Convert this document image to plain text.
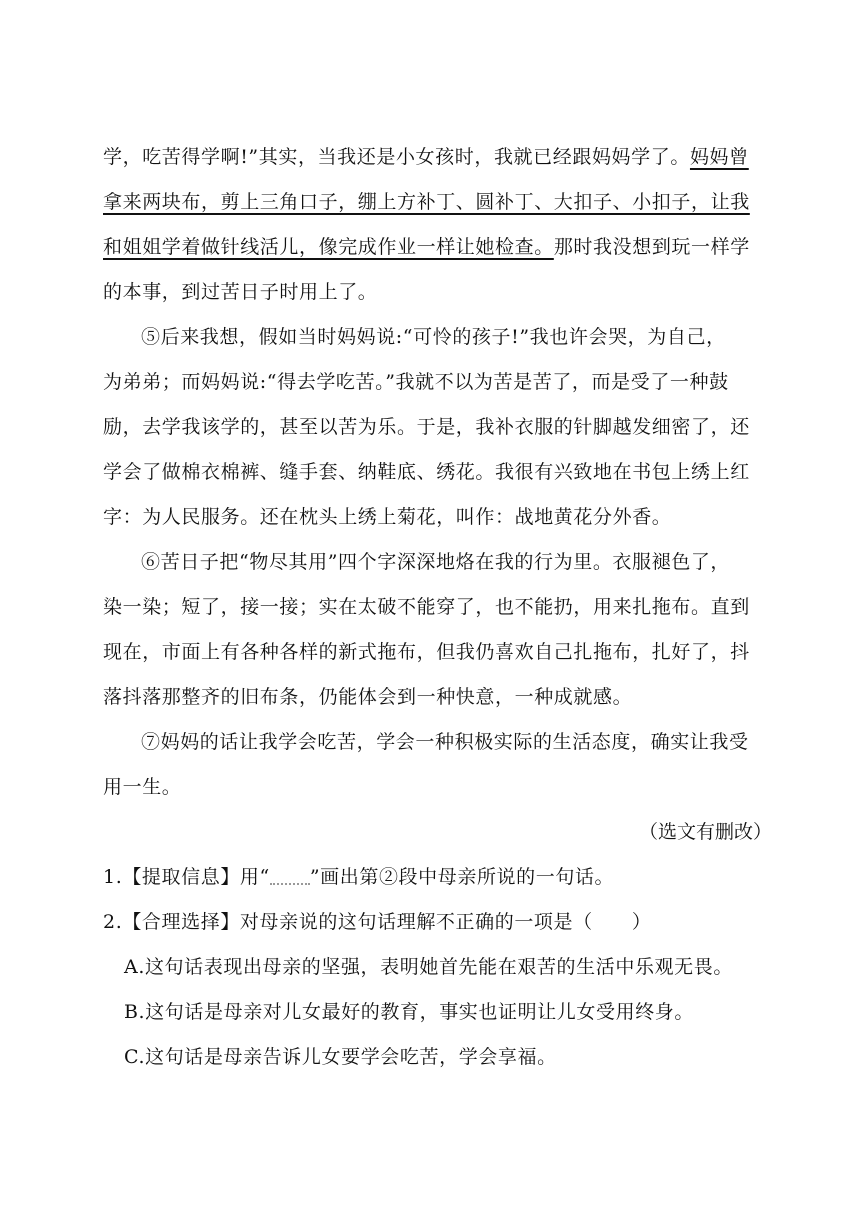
学，吃苦得学啊!”其实，当我还是小女孩时，我就已经跟妈妈学了。妈妈曾
拿来两块布，剪上三角口子，绷上方补丁、圆补丁、大扣子、小扣子，让我
和姐姐学着做针线活儿，像完成作业一样让她检查。那时我没想到玩一样学
的本事，到过苦日子时用上了。
⑤后来我想，假如当时妈妈说:“可怜的孩子!”我也许会哭，为自己，
为弟弟；而妈妈说:“得去学吃苦。”我就不以为苦是苦了，而是受了一种鼓
励，去学我该学的，甚至以苦为乐。于是，我补衣服的针脚越发细密了，还
学会了做棉衣棉裤、缝手套、纳鞋底、绣花。我很有兴致地在书包上绣上红
字：为人民服务。还在枕头上绣上菊花，叫作：战地黄花分外香。
⑥苦日子把“物尽其用”四个字深深地烙在我的行为里。衣服褪色了，
染一染；短了，接一接；实在太破不能穿了，也不能扔，用来扎拖布。直到
现在，市面上有各种各样的新式拖布，但我仍喜欢自己扎拖布，扎好了，抖
落抖落那整齐的旧布条，仍能体会到一种快意，一种成就感。
⑦妈妈的话让我学会吃苦，学会一种积极实际的生活态度，确实让我受
用一生。
（选文有删改）
1.【提取信息】用“ ”画出第②段中母亲所说的一句话。
2.【合理选择】对母亲说的这句话理解不正确的一项是（　　）
A.这句话表现出母亲的坚强，表明她首先能在艰苦的生活中乐观无畏。
B.这句话是母亲对儿女最好的教育，事实也证明让儿女受用终身。
C.这句话是母亲告诉儿女要学会吃苦，学会享福。
